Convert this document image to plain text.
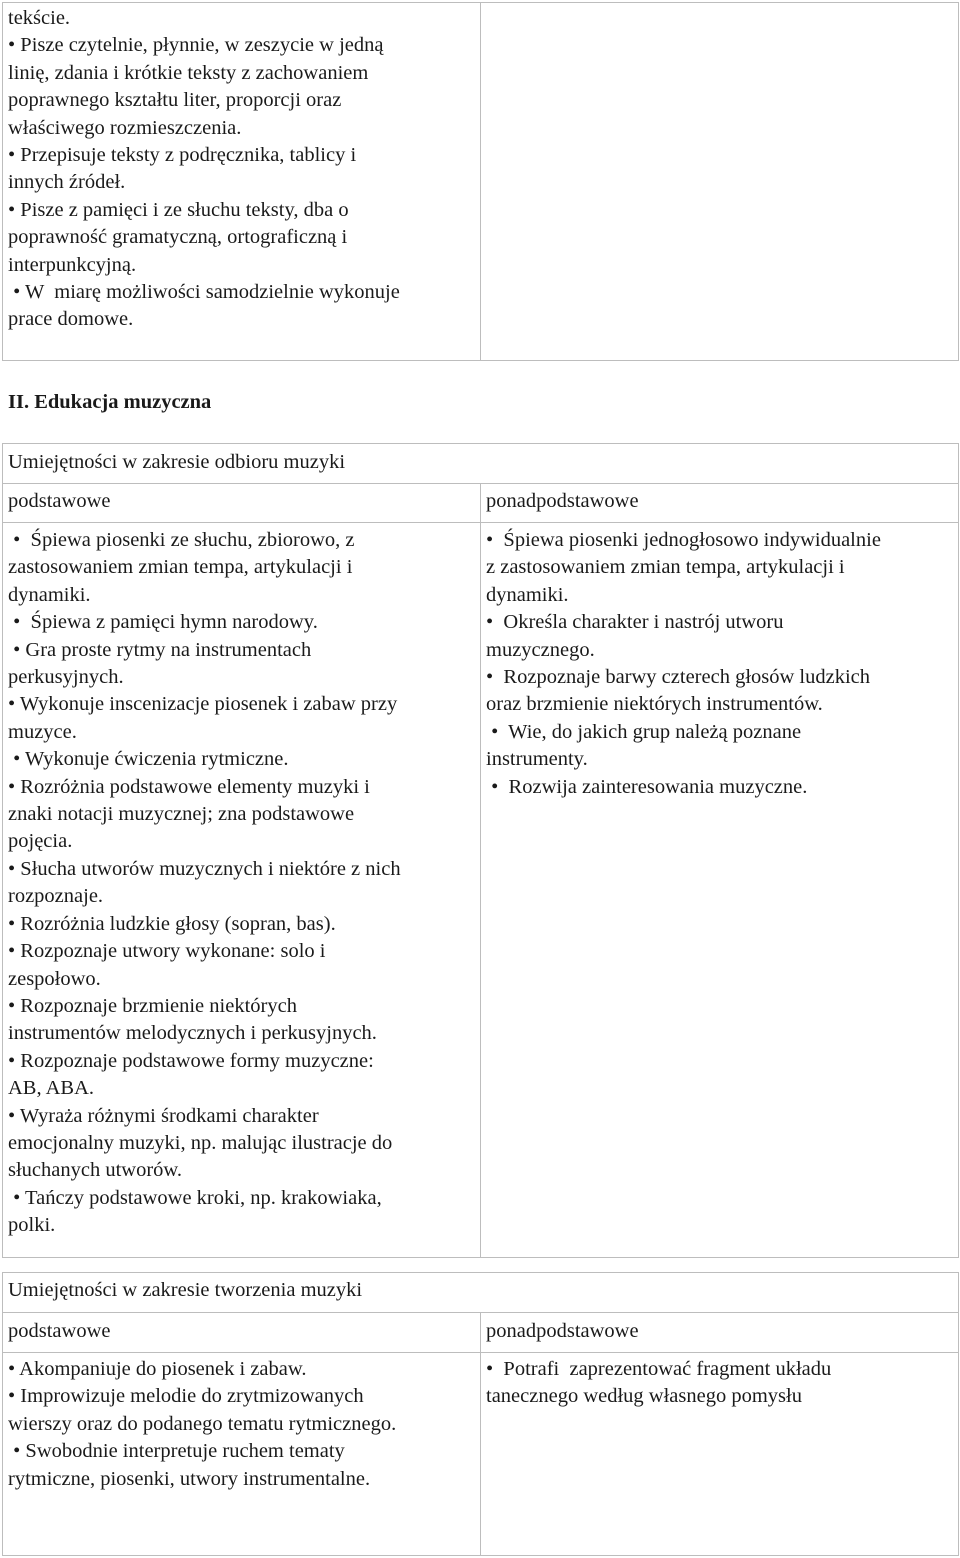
tekście.
• Pisze czytelnie, płynnie, w zeszycie w jedną
linię, zdania i krótkie teksty z zachowaniem
poprawnego kształtu liter, proporcji oraz
właściwego rozmieszczenia.
• Przepisuje teksty z podręcznika, tablicy i
innych źródeł.
• Pisze z pamięci i ze słuchu teksty, dba o
poprawność gramatyczną, ortograficzną i
interpunkcyjną.
• W  miarę możliwości samodzielnie wykonuje
prace domowe.
II. Edukacja muzyczna
Umiejętności w zakresie odbioru muzyki
podstawowe	ponadpodstawowe
•  Śpiewa piosenki ze słuchu, zbiorowo, z
zastosowaniem zmian tempa, artykulacji i
dynamiki.
•  Śpiewa z pamięci hymn narodowy.
• Gra proste rytmy na instrumentach
perkusyjnych.
• Wykonuje inscenizacje piosenek i zabaw przy
muzyce.
• Wykonuje ćwiczenia rytmiczne.
• Rozróżnia podstawowe elementy muzyki i
znaki notacji muzycznej; zna podstawowe
pojęcia.
• Słucha utworów muzycznych i niektóre z nich
rozpoznaje.
• Rozróżnia ludzkie głosy (sopran, bas).
• Rozpoznaje utwory wykonane: solo i
zespołowo.
• Rozpoznaje brzmienie niektórych
instrumentów melodycznych i perkusyjnych.
• Rozpoznaje podstawowe formy muzyczne:
AB, ABA.
• Wyraża różnymi środkami charakter
emocjonalny muzyki, np. malując ilustracje do
słuchanych utworów.
• Tańczy podstawowe kroki, np. krakowiaka,
polki.
•  Śpiewa piosenki jednogłosowo indywidualnie
z zastosowaniem zmian tempa, artykulacji i
dynamiki.
•  Określa charakter i nastrój utworu
muzycznego.
•  Rozpoznaje barwy czterech głosów ludzkich
oraz brzmienie niektórych instrumentów.
•  Wie, do jakich grup należą poznane
instrumenty.
•  Rozwija zainteresowania muzyczne.
Umiejętności w zakresie tworzenia muzyki
podstawowe	ponadpodstawowe
• Akompaniuje do piosenek i zabaw.
• Improwizuje melodie do zrytmizowanych
wierszy oraz do podanego tematu rytmicznego.
• Swobodnie interpretuje ruchem tematy
rytmiczne, piosenki, utwory instrumentalne.
•  Potrafi  zaprezentować fragment układu
tanecznego według własnego pomysłu
